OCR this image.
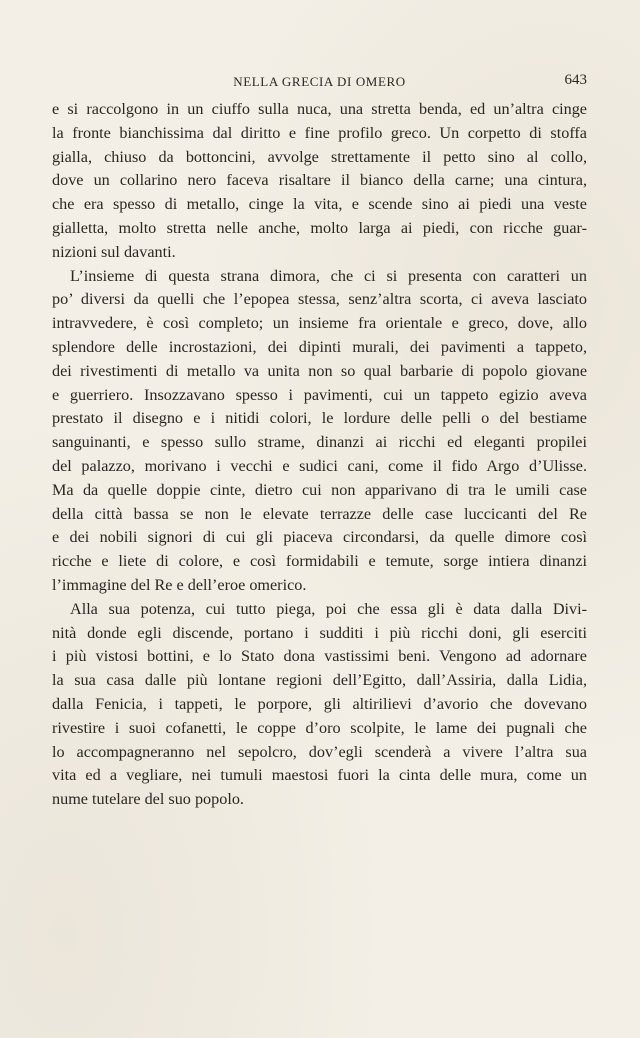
NELLA GRECIA DI OMERO	643
e si raccolgono in un ciuffo sulla nuca, una stretta benda, ed un’altra cinge
la fronte bianchissima dal diritto e fine profilo greco. Un corpetto di stoffa
gialla, chiuso da bottoncini, avvolge strettamente il petto sino al collo,
dove un collarino nero faceva risaltare il bianco della carne; una cintura,
che era spesso di metallo, cinge la vita, e scende sino ai piedi una veste
gialletta, molto stretta nelle anche, molto larga ai piedi, con ricche guar-
nizioni sul davanti.
L’insieme di questa strana dimora, che ci si presenta con caratteri un
po’ diversi da quelli che l’epopea stessa, senz’altra scorta, ci aveva lasciato
intravvedere, è così completo; un insieme fra orientale e greco, dove, allo
splendore delle incrostazioni, dei dipinti murali, dei pavimenti a tappeto,
dei rivestimenti di metallo va unita non so qual barbarie di popolo giovane
e guerriero. Insozzavano spesso i pavimenti, cui un tappeto egizio aveva
prestato il disegno e i nitidi colori, le lordure delle pelli o del bestiame
sanguinanti, e spesso sullo strame, dinanzi ai ricchi ed eleganti propilei
del palazzo, morivano i vecchi e sudici cani, come il fido Argo d’Ulisse.
Ma da quelle doppie cinte, dietro cui non apparivano di tra le umili case
della città bassa se non le elevate terrazze delle case luccicanti del Re
e dei nobili signori di cui gli piaceva circondarsi, da quelle dimore così
ricche e liete di colore, e così formidabili e temute, sorge intiera dinanzi
l’immagine del Re e dell’eroe omerico.
Alla sua potenza, cui tutto piega, poi che essa gli è data dalla Divi-
nità donde egli discende, portano i sudditi i più ricchi doni, gli eserciti
i più vistosi bottini, e lo Stato dona vastissimi beni. Vengono ad adornare
la sua casa dalle più lontane regioni dell’Egitto, dall’Assiria, dalla Lidia,
dalla Fenicia, i tappeti, le porpore, gli altirilievi d’avorio che dovevano
rivestire i suoi cofanetti, le coppe d’oro scolpite, le lame dei pugnali che
lo accompagneranno nel sepolcro, dov’egli scenderà a vivere l’altra sua
vita ed a vegliare, nei tumuli maestosi fuori la cinta delle mura, come un
nume tutelare del suo popolo.
